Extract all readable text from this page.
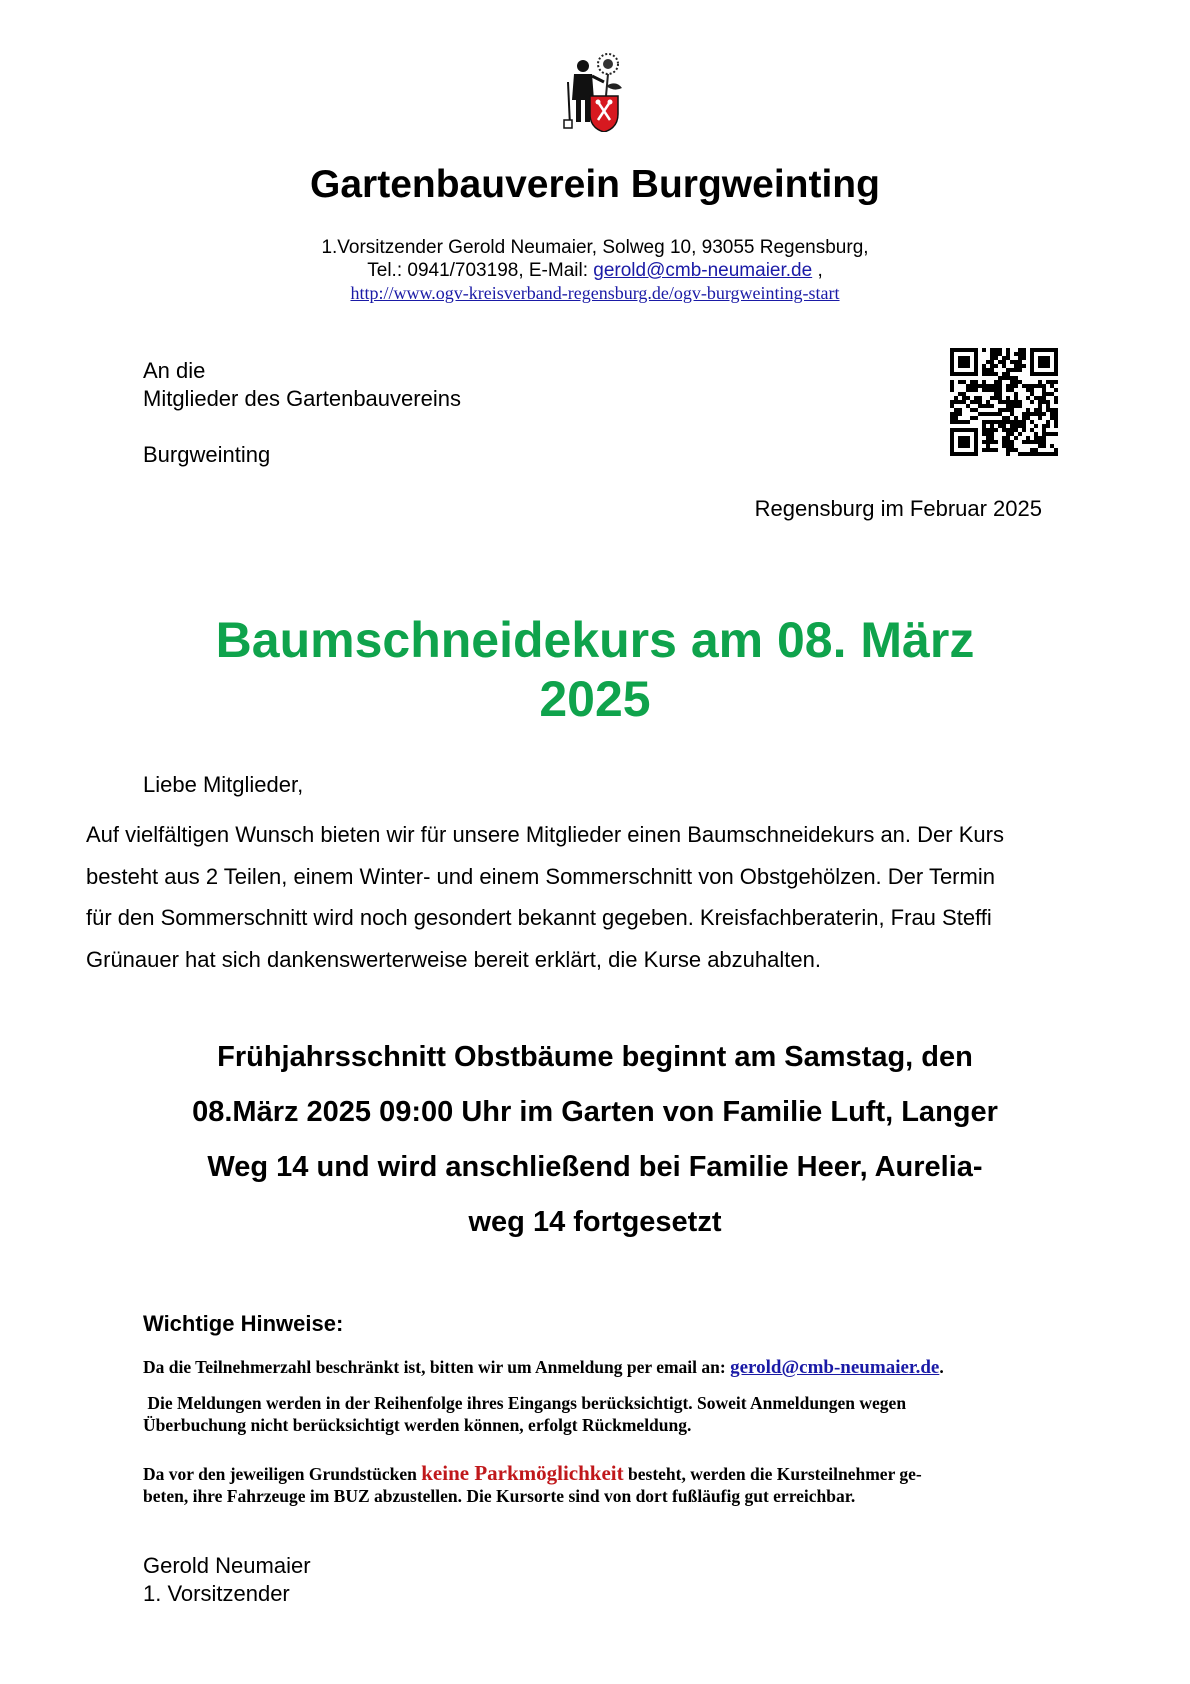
Gartenbauverein Burgweinting
1.Vorsitzender Gerold Neumaier, Solweg 10, 93055 Regensburg,
Tel.: 0941/703198, E-Mail: gerold@cmb-neumaier.de ,
http://www.ogv-kreisverband-regensburg.de/ogv-burgweinting-start
An die
Mitglieder des Gartenbauvereins
Burgweinting
Regensburg im Februar 2025
Baumschneidekurs am 08. März
2025
Liebe Mitglieder,
Auf vielfältigen Wunsch bieten wir für unsere Mitglieder einen Baumschneidekurs an. Der Kurs
besteht aus 2 Teilen, einem Winter- und einem Sommerschnitt von Obstgehölzen. Der Termin
für den Sommerschnitt wird noch gesondert bekannt gegeben. Kreisfachberaterin, Frau Steffi
Grünauer hat sich dankenswerterweise bereit erklärt, die Kurse abzuhalten.
Frühjahrsschnitt Obstbäume beginnt am Samstag, den
08.März 2025 09:00 Uhr im Garten von Familie Luft, Langer
Weg 14 und wird anschließend bei Familie Heer, Aurelia-
weg 14 fortgesetzt
Wichtige Hinweise:
Da die Teilnehmerzahl beschränkt ist, bitten wir um Anmeldung per email an: gerold@cmb-neumaier.de.
Die Meldungen werden in der Reihenfolge ihres Eingangs berücksichtigt. Soweit Anmeldungen wegen
Überbuchung nicht berücksichtigt werden können, erfolgt Rückmeldung.
Da vor den jeweiligen Grundstücken keine Parkmöglichkeit besteht, werden die Kursteilnehmer ge-
beten, ihre Fahrzeuge im BUZ abzustellen. Die Kursorte sind von dort fußläufig gut erreichbar.
Gerold Neumaier
1. Vorsitzender
